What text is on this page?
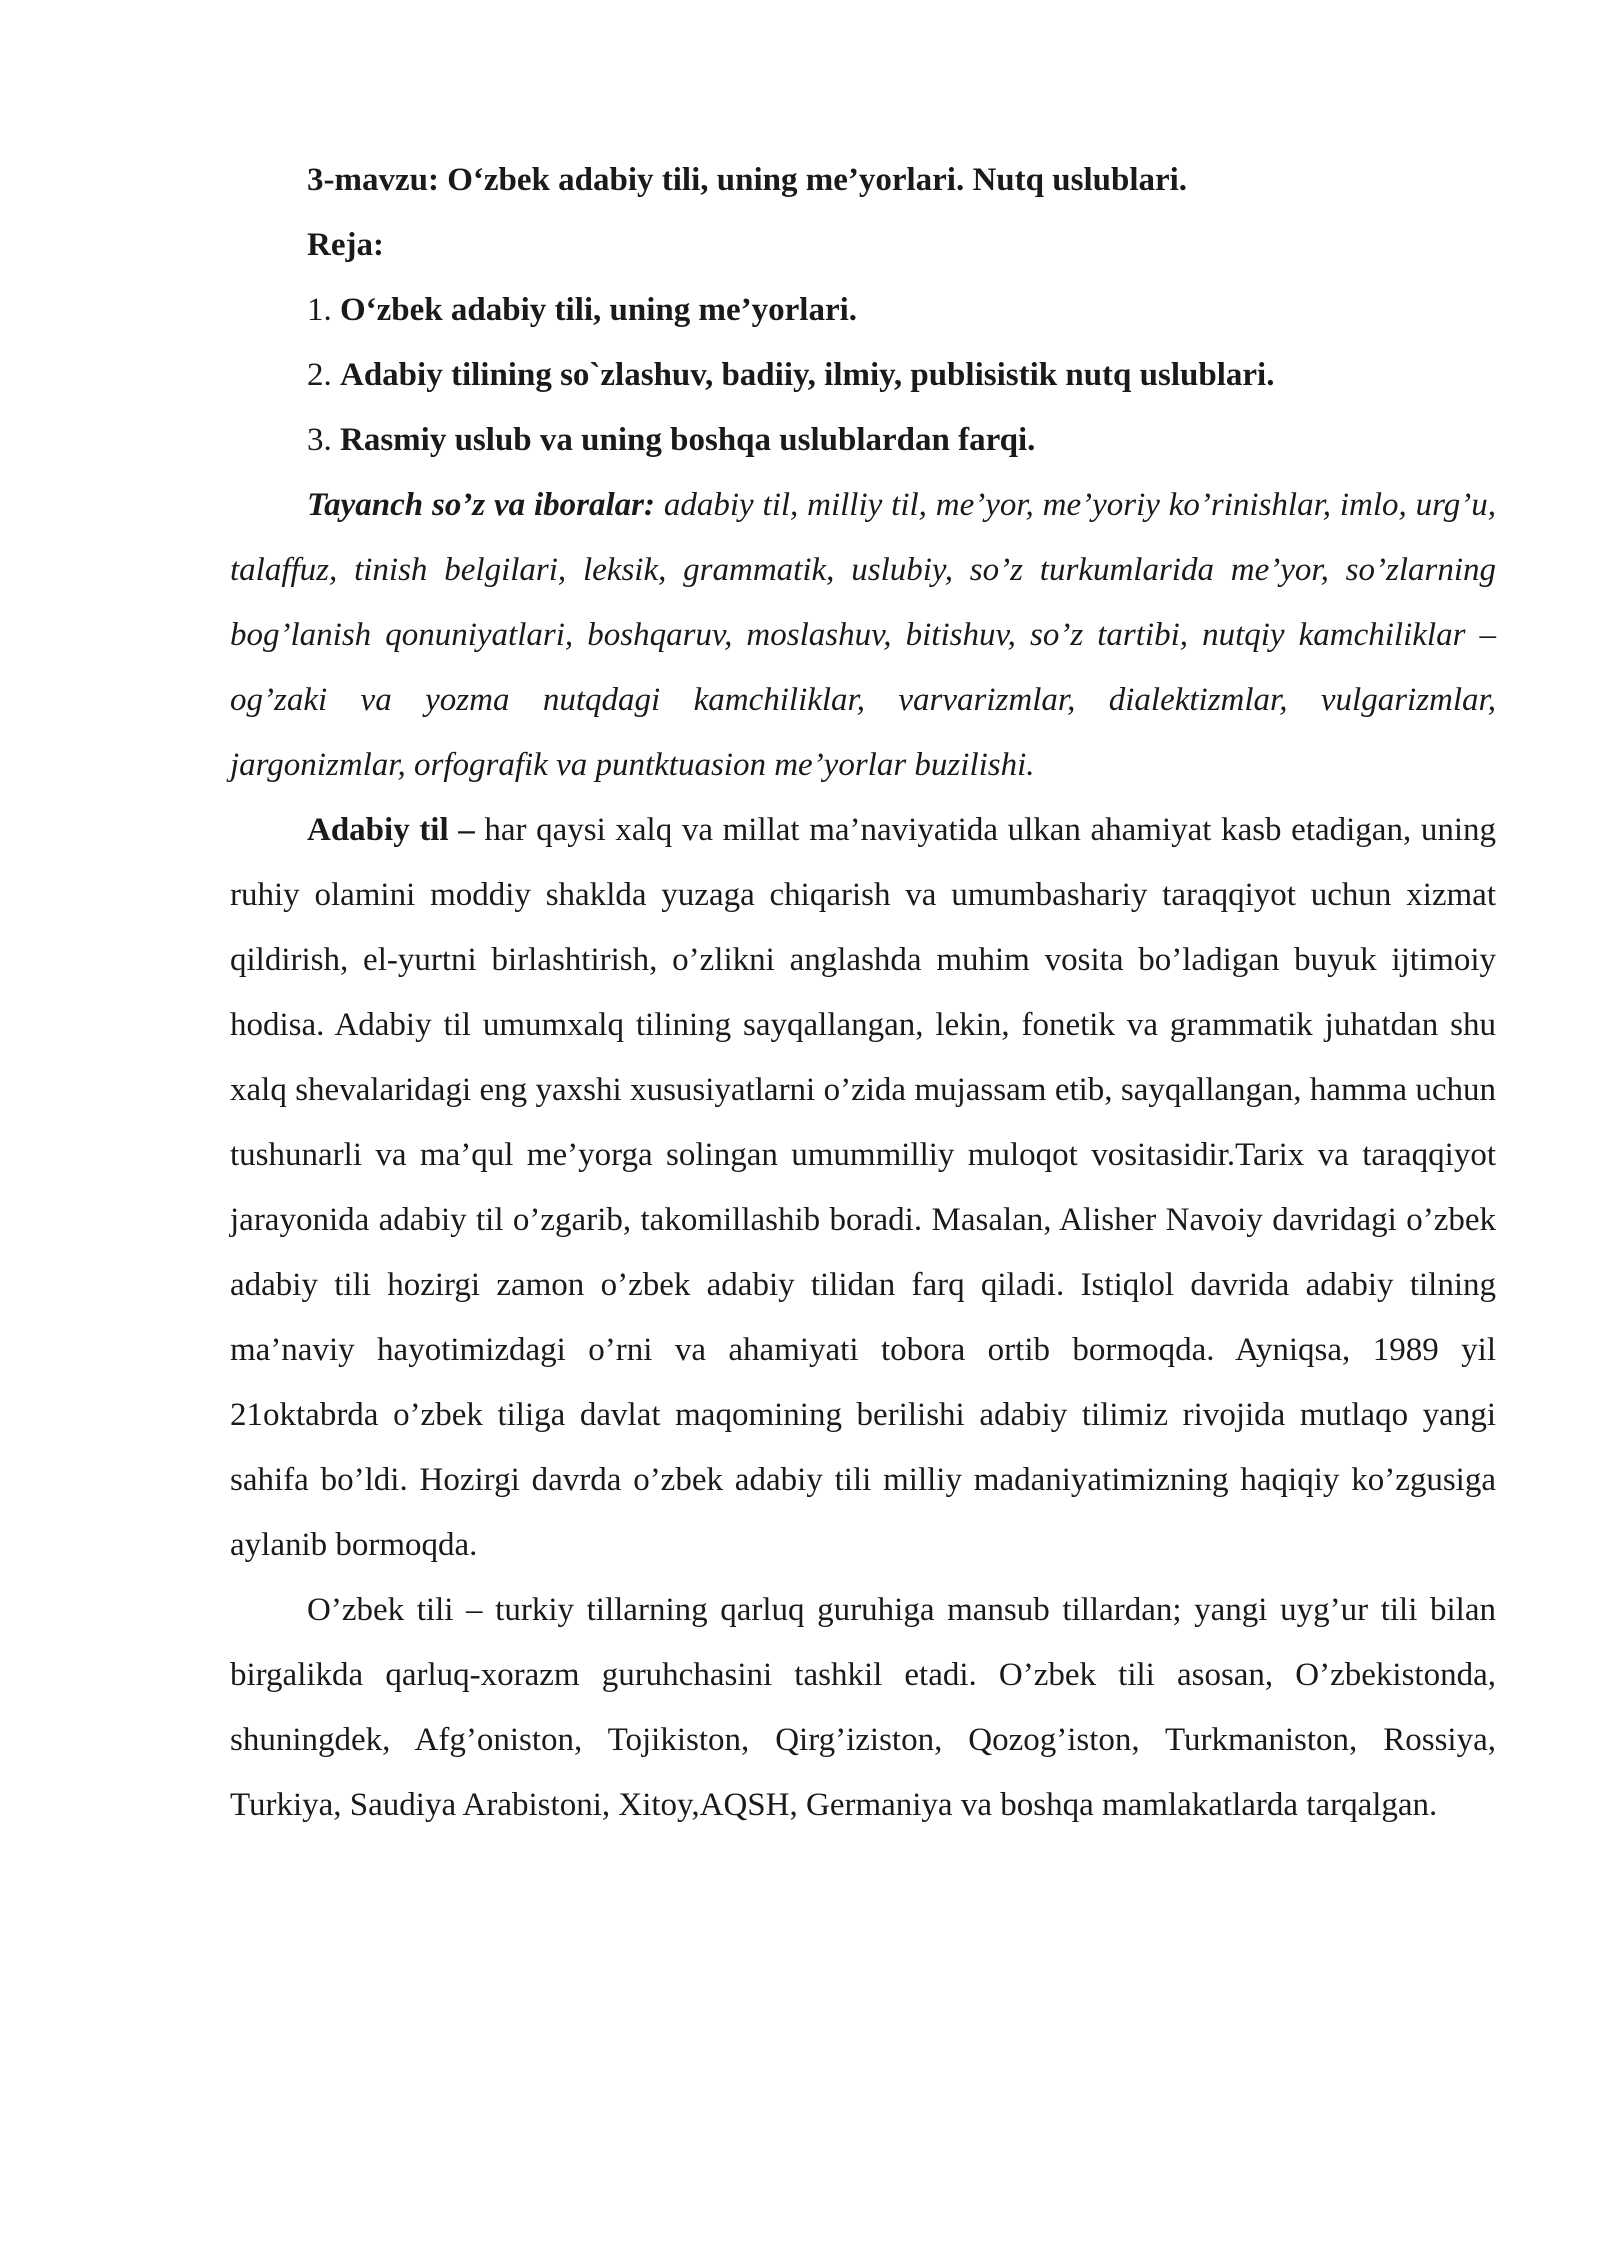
3-mavzu: O‘zbek adabiy tili, uning me’yorlari. Nutq uslublari.

Reja:

1. O‘zbek adabiy tili, uning me’yorlari.

2. Adabiy tilining so`zlashuv, badiiy, ilmiy, publisistik nutq uslublari.

3. Rasmiy uslub va uning boshqa uslublardan farqi.

Tayanch so’z va iboralar: adabiy til, milliy til, me’yor, me’yoriy ko’rinishlar, imlo, urg’u, talaffuz, tinish belgilari, leksik, grammatik, uslubiy, so’z turkumlarida me’yor, so’zlarning bog’lanish qonuniyatlari, boshqaruv, moslashuv, bitishuv, so’z tartibi, nutqiy kamchiliklar – og’zaki va yozma nutqdagi kamchiliklar, varvarizmlar, dialektizmlar, vulgarizmlar, jargonizmlar, orfografik va puntktuasion me’yorlar buzilishi.

Adabiy til – har qaysi xalq va millat ma’naviyatida ulkan ahamiyat kasb etadigan, uning ruhiy olamini moddiy shaklda yuzaga chiqarish va umumbashariy taraqqiyot uchun xizmat qildirish, el-yurtni birlashtirish, o’zlikni anglashda muhim vosita bo’ladigan buyuk ijtimoiy hodisa. Adabiy til umumxalq tilining sayqallangan, lekin, fonetik va grammatik juhatdan shu xalq shevalaridagi eng yaxshi xususiyatlarni o’zida mujassam etib, sayqallangan, hamma uchun tushunarli va ma’qul me’yorga solingan umummilliy muloqot vositasidir.Tarix va taraqqiyot jarayonida adabiy til o’zgarib, takomillashib boradi. Masalan, Alisher Navoiy davridagi o’zbek adabiy tili hozirgi zamon o’zbek adabiy tilidan farq qiladi. Istiqlol davrida adabiy tilning ma’naviy hayotimizdagi o’rni va ahamiyati tobora ortib bormoqda. Ayniqsa, 1989 yil 21oktabrda o’zbek tiliga davlat maqomining berilishi adabiy tilimiz rivojida mutlaqo yangi sahifa bo’ldi. Hozirgi davrda o’zbek adabiy tili milliy madaniyatimizning haqiqiy ko’zgusiga aylanib bormoqda.

O’zbek tili – turkiy tillarning qarluq guruhiga mansub tillardan; yangi uyg’ur tili bilan birgalikda qarluq-xorazm guruhchasini tashkil etadi. O’zbek tili asosan, O’zbekistonda, shuningdek, Afg’oniston, Tojikiston, Qirg’iziston, Qozog’iston, Turkmaniston, Rossiya, Turkiya, Saudiya Arabistoni, Xitoy,AQSH, Germaniya va boshqa mamlakatlarda tarqalgan.
